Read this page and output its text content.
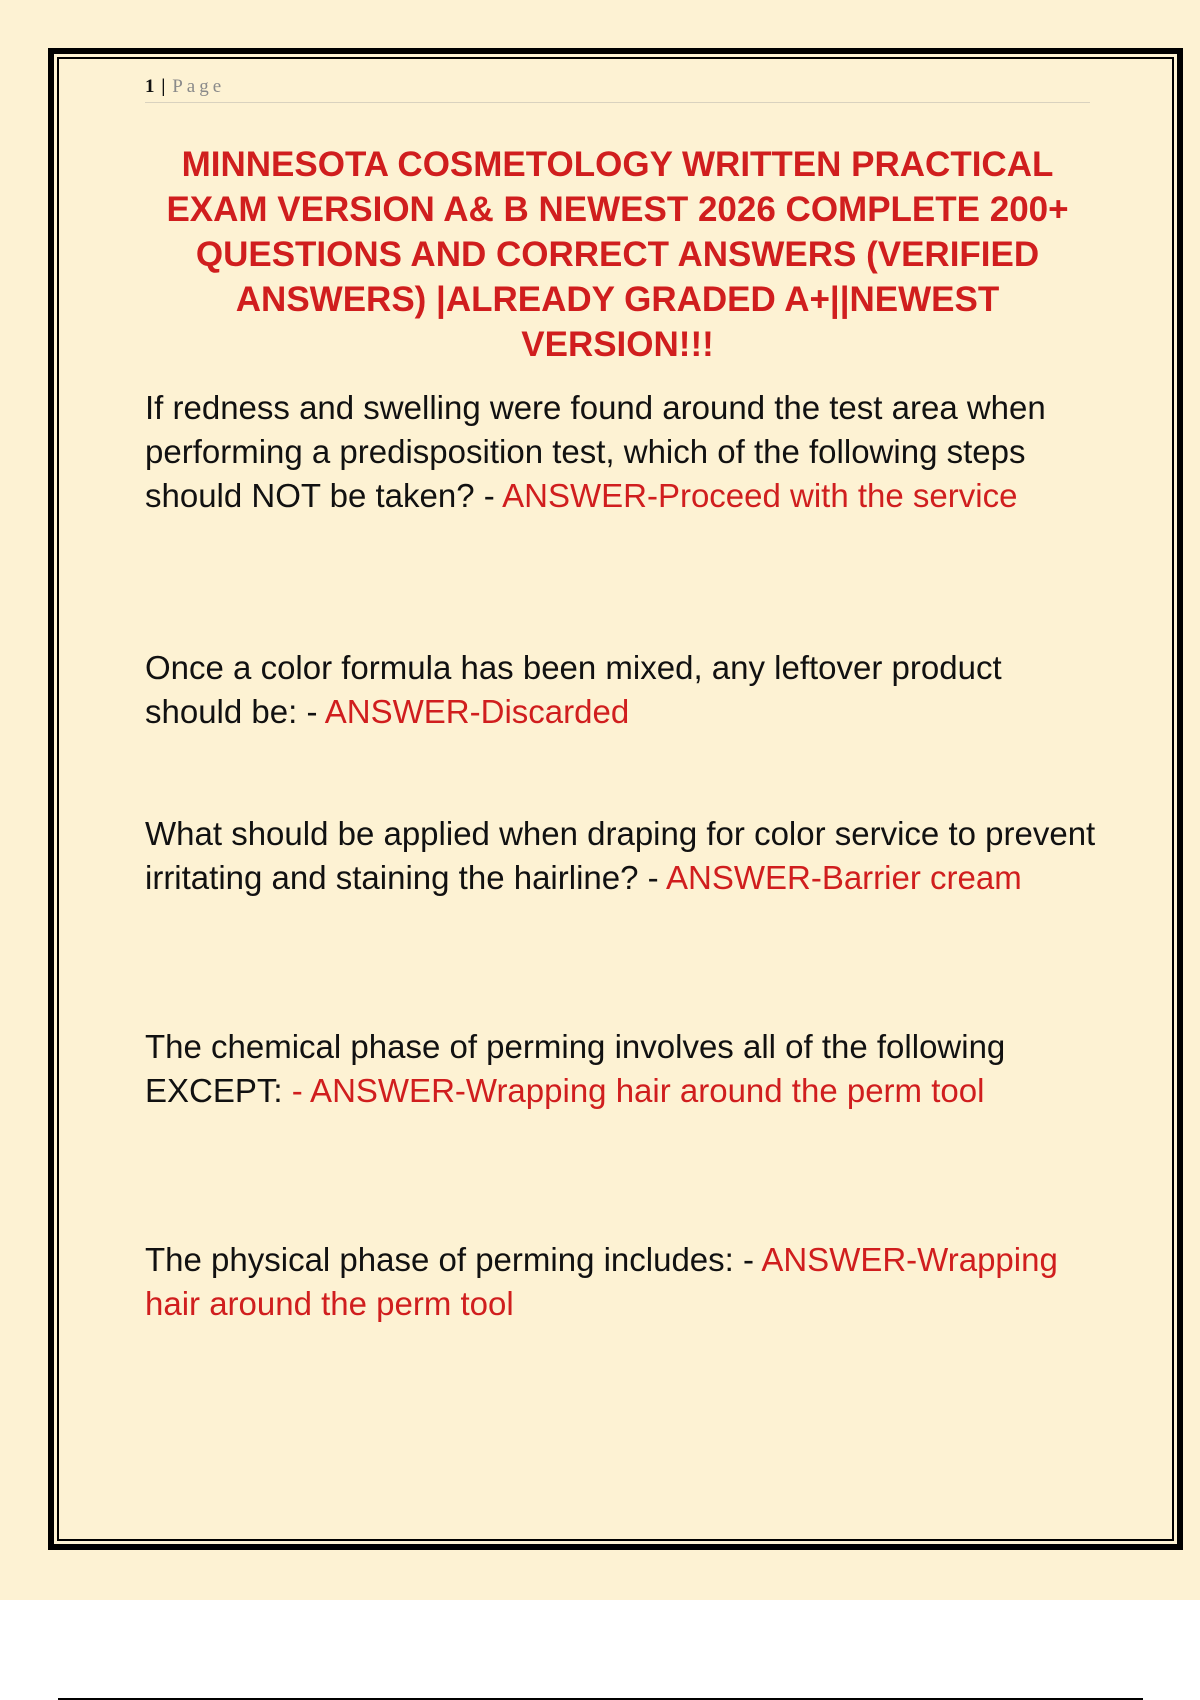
1 | Page
MINNESOTA COSMETOLOGY WRITTEN PRACTICAL EXAM VERSION A& B NEWEST 2026 COMPLETE 200+ QUESTIONS AND CORRECT ANSWERS (VERIFIED ANSWERS) |ALREADY GRADED A+||NEWEST VERSION!!!
If redness and swelling were found around the test area when performing a predisposition test, which of the following steps should NOT be taken? - ANSWER-Proceed with the service
Once a color formula has been mixed, any leftover product should be: - ANSWER-Discarded
What should be applied when draping for color service to prevent irritating and staining the hairline? - ANSWER-Barrier cream
The chemical phase of perming involves all of the following EXCEPT: - ANSWER-Wrapping hair around the perm tool
The physical phase of perming includes: - ANSWER-Wrapping hair around the perm tool
